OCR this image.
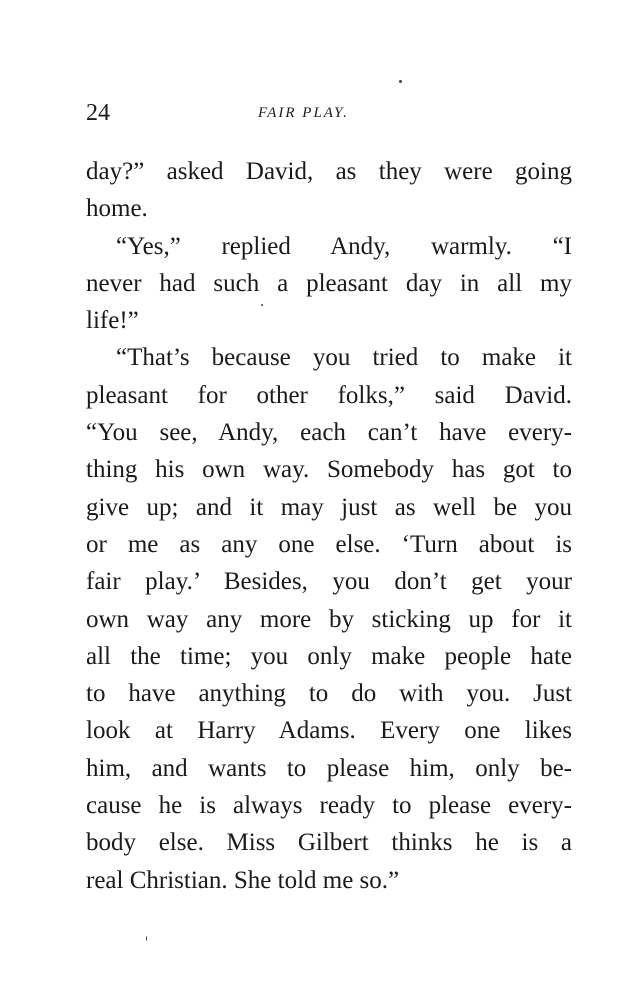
24	FAIR PLAY.
day?” asked David, as they were going
home.
“Yes,” replied Andy, warmly. “I
never had such a pleasant day in all my
life!”
“That’s because you tried to make it
pleasant for other folks,” said David.
“You see, Andy, each can’t have every-
thing his own way. Somebody has got to
give up; and it may just as well be you
or me as any one else. ‘Turn about is
fair play.’ Besides, you don’t get your
own way any more by sticking up for it
all the time; you only make people hate
to have anything to do with you. Just
look at Harry Adams. Every one likes
him, and wants to please him, only be-
cause he is always ready to please every-
body else. Miss Gilbert thinks he is a
real Christian. She told me so.”
